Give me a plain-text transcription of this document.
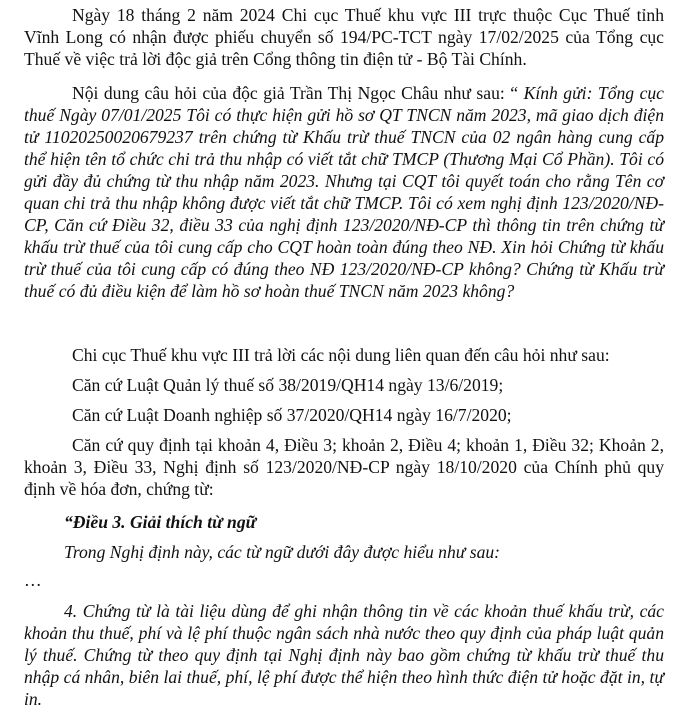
Ngày 18 tháng 2 năm 2024 Chi cục Thuế khu vực III trực thuộc Cục Thuế tỉnh Vĩnh Long có nhận được phiếu chuyển số 194/PC-TCT ngày 17/02/2025 của Tổng cục Thuế về việc trả lời độc giả trên Cổng thông tin điện tử - Bộ Tài Chính.

Nội dung câu hỏi của độc giả Trần Thị Ngọc Châu như sau: “ Kính gửi: Tổng cục thuế Ngày 07/01/2025 Tôi có thực hiện gửi hồ sơ QT TNCN năm 2023, mã giao dịch điện tử 11020250020679237 trên chứng từ Khấu trừ thuế TNCN của 02 ngân hàng cung cấp thể hiện tên tổ chức chi trả thu nhập có viết tắt chữ TMCP (Thương Mại Cổ Phần). Tôi có gửi đầy đủ chứng từ thu nhập năm 2023. Nhưng tại CQT tôi quyết toán cho rằng Tên cơ quan chi trả thu nhập không được viết tắt chữ TMCP. Tôi có xem nghị định 123/2020/NĐ-CP, Căn cứ Điều 32, điều 33 của nghị định 123/2020/NĐ-CP thì thông tin trên chứng từ khấu trừ thuế của tôi cung cấp cho CQT hoàn toàn đúng theo NĐ. Xin hỏi Chứng từ khấu trừ thuế của tôi cung cấp có đúng theo NĐ 123/2020/NĐ-CP không? Chứng từ Khấu trừ thuế có đủ điều kiện để làm hồ sơ hoàn thuế TNCN năm 2023 không?

Chi cục Thuế khu vực III trả lời các nội dung liên quan đến câu hỏi như sau:

Căn cứ Luật Quản lý thuế số 38/2019/QH14 ngày 13/6/2019;

Căn cứ Luật Doanh nghiệp số 37/2020/QH14 ngày 16/7/2020;

Căn cứ quy định tại khoản 4, Điều 3; khoản 2, Điều 4; khoản 1, Điều 32; Khoản 2, khoản 3, Điều 33, Nghị định số 123/2020/NĐ-CP ngày 18/10/2020 của Chính phủ quy định về hóa đơn, chứng từ:

“Điều 3. Giải thích từ ngữ

Trong Nghị định này, các từ ngữ dưới đây được hiểu như sau:

…

4. Chứng từ là tài liệu dùng để ghi nhận thông tin về các khoản thuế khấu trừ, các khoản thu thuế, phí và lệ phí thuộc ngân sách nhà nước theo quy định của pháp luật quản lý thuế. Chứng từ theo quy định tại Nghị định này bao gồm chứng từ khấu trừ thuế thu nhập cá nhân, biên lai thuế, phí, lệ phí được thể hiện theo hình thức điện tử hoặc đặt in, tự in.
